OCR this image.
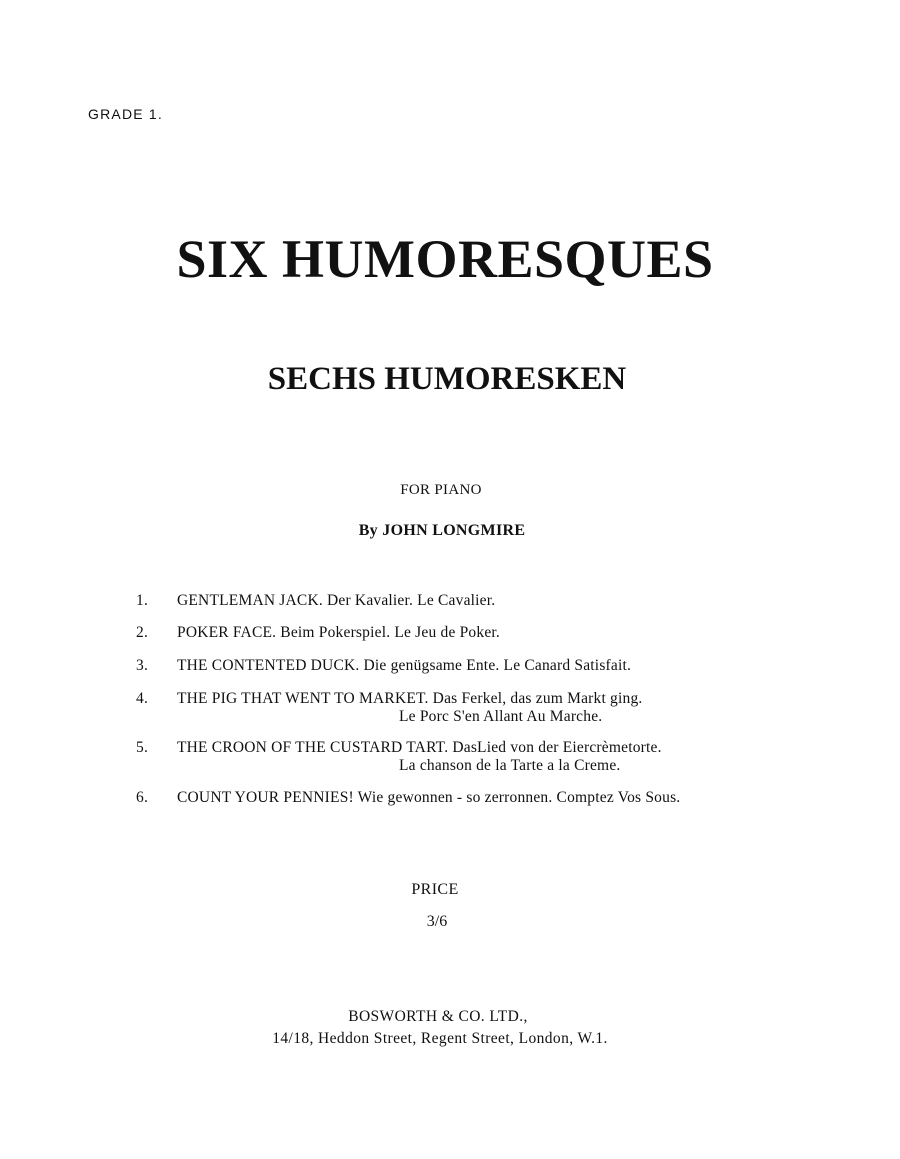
GRADE 1.
SIX HUMORESQUES
SECHS HUMORESKEN
FOR PIANO
By JOHN LONGMIRE
1. GENTLEMAN JACK. Der Kavalier. Le Cavalier.
2. POKER FACE. Beim Pokerspiel. Le Jeu de Poker.
3. THE CONTENTED DUCK. Die genügsame Ente. Le Canard Satisfait.
4. THE PIG THAT WENT TO MARKET. Das Ferkel, das zum Markt ging.
Le Porc S'en Allant Au Marche.
5. THE CROON OF THE CUSTARD TART. DasLied von der Eiercrèmetorte.
La chanson de la Tarte a la Creme.
6. COUNT YOUR PENNIES! Wie gewonnen - so zerronnen. Comptez Vos Sous.
PRICE
3/6
BOSWORTH & CO. LTD.,
14/18, Heddon Street, Regent Street, London, W.1.
